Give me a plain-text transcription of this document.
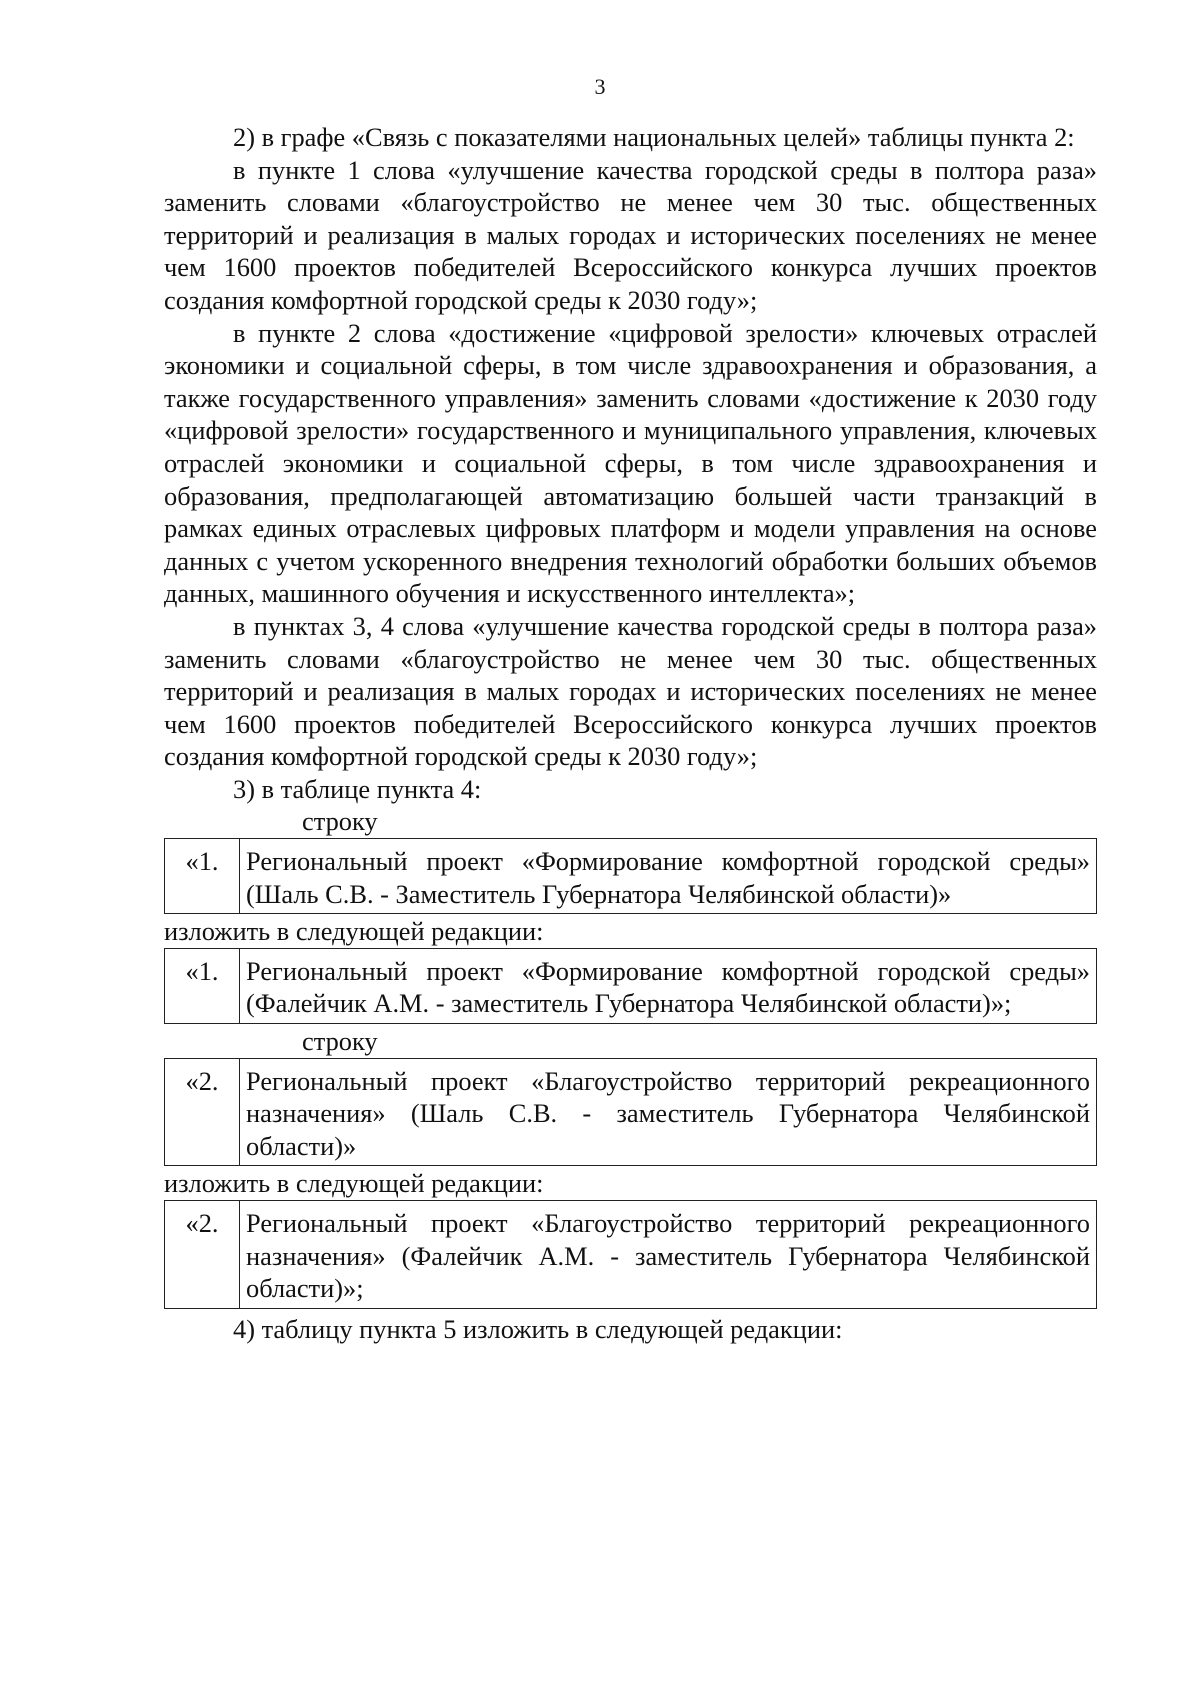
3

2) в графе «Связь с показателями национальных целей» таблицы пункта 2:

в пункте 1 слова «улучшение качества городской среды в полтора раза» заменить словами «благоустройство не менее чем 30 тыс. общественных территорий и реализация в малых городах и исторических поселениях не менее чем 1600 проектов победителей Всероссийского конкурса лучших проектов создания комфортной городской среды к 2030 году»;

в пункте 2 слова «достижение «цифровой зрелости» ключевых отраслей экономики и социальной сферы, в том числе здравоохранения и образования, а также государственного управления» заменить словами «достижение к 2030 году «цифровой зрелости» государственного и муниципального управления, ключевых отраслей экономики и социальной сферы, в том числе здравоохранения и образования, предполагающей автоматизацию большей части транзакций в рамках единых отраслевых цифровых платформ и модели управления на основе данных с учетом ускоренного внедрения технологий обработки больших объемов данных, машинного обучения и искусственного интеллекта»;

в пунктах 3, 4 слова «улучшение качества городской среды в полтора раза» заменить словами «благоустройство не менее чем 30 тыс. общественных территорий и реализация в малых городах и исторических поселениях не менее чем 1600 проектов победителей Всероссийского конкурса лучших проектов создания комфортной городской среды к 2030 году»;

3) в таблице пункта 4:

строку

«1.	Региональный проект «Формирование комфортной городской среды» (Шаль С.В. - Заместитель Губернатора Челябинской области)»

изложить в следующей редакции:

«1.	Региональный проект «Формирование комфортной городской среды» (Фалейчик А.М. - заместитель Губернатора Челябинской области)»;

строку

«2.	Региональный проект «Благоустройство территорий рекреационного назначения» (Шаль С.В. - заместитель Губернатора Челябинской области)»

изложить в следующей редакции:

«2.	Региональный проект «Благоустройство территорий рекреационного назначения» (Фалейчик А.М. - заместитель Губернатора Челябинской области)»;

4) таблицу пункта 5 изложить в следующей редакции:
